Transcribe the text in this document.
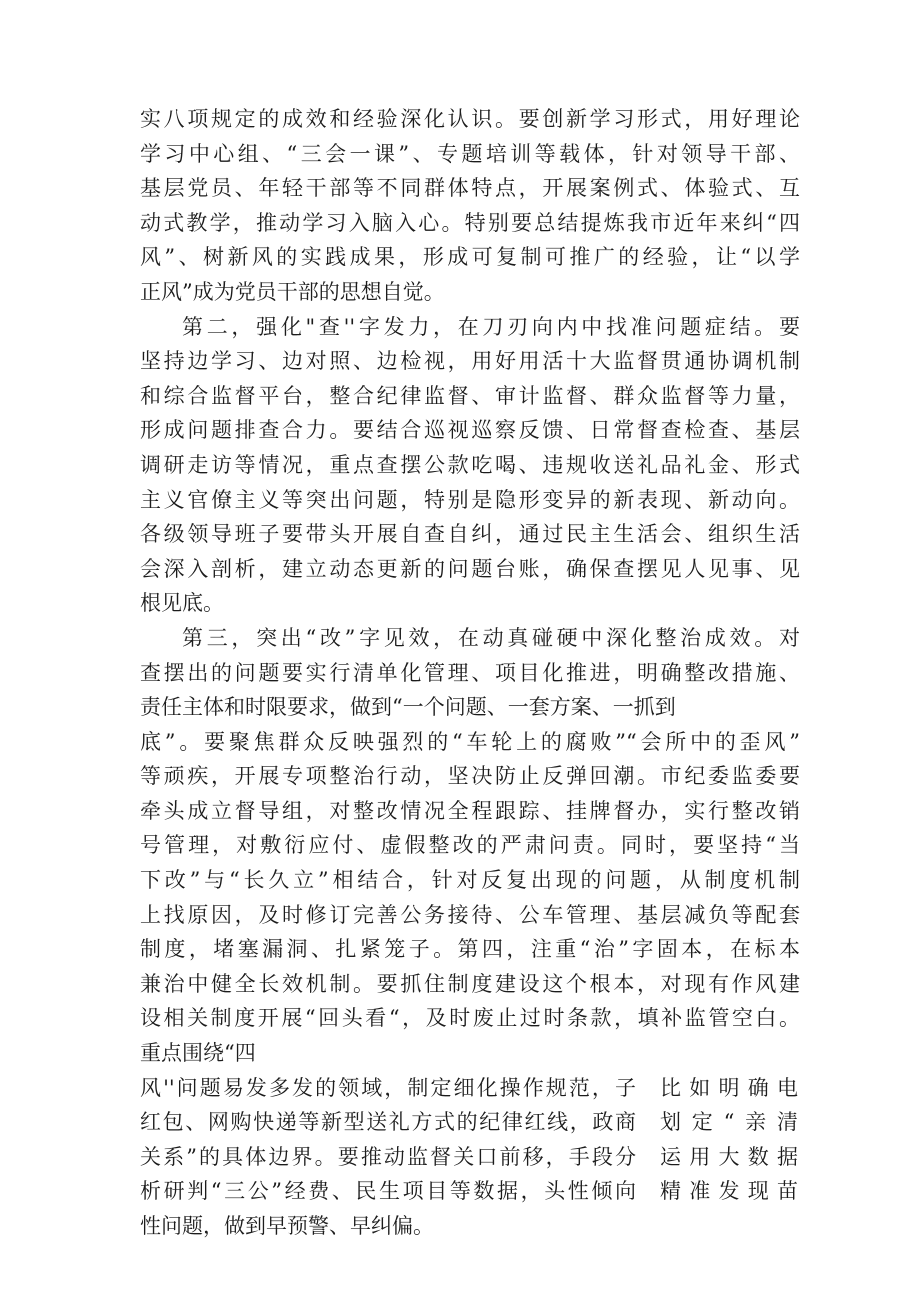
实八项规定的成效和经验深化认识。要创新学习形式，用好理论
学习中心组、“三会一课”、专题培训等载体，针对领导干部、
基层党员、年轻干部等不同群体特点，开展案例式、体验式、互
动式教学，推动学习入脑入心。特别要总结提炼我市近年来纠“四
风”、树新风的实践成果，形成可复制可推广的经验，让“以学
正风”成为党员干部的思想自觉。
第二，强化"查''字发力，在刀刃向内中找准问题症结。要
坚持边学习、边对照、边检视，用好用活十大监督贯通协调机制
和综合监督平台，整合纪律监督、审计监督、群众监督等力量，
形成问题排查合力。要结合巡视巡察反馈、日常督查检查、基层
调研走访等情况，重点查摆公款吃喝、违规收送礼品礼金、形式
主义官僚主义等突出问题，特别是隐形变异的新表现、新动向。
各级领导班子要带头开展自查自纠，通过民主生活会、组织生活
会深入剖析，建立动态更新的问题台账，确保查摆见人见事、见
根见底。
第三，突出“改”字见效，在动真碰硬中深化整治成效。对
查摆出的问题要实行清单化管理、项目化推进，明确整改措施、
责任主体和时限要求，做到“一个问题、一套方案、一抓到
底”。要聚焦群众反映强烈的“车轮上的腐败”“会所中的歪风”
等顽疾，开展专项整治行动，坚决防止反弹回潮。市纪委监委要
牵头成立督导组，对整改情况全程跟踪、挂牌督办，实行整改销
号管理，对敷衍应付、虚假整改的严肃问责。同时，要坚持“当
下改”与“长久立”相结合，针对反复出现的问题，从制度机制
上找原因，及时修订完善公务接待、公车管理、基层减负等配套
制度，堵塞漏洞、扎紧笼子。第四，注重“治”字固本，在标本
兼治中健全长效机制。要抓住制度建设这个根本，对现有作风建
设相关制度开展“回头看“，及时废止过时条款，填补监管空白。
重点围绕“四
风''问题易发多发的领域，制定细化操作规范，子 比如明确电
红包、网购快递等新型送礼方式的纪律红线，政商 划定“亲清
关系”的具体边界。要推动监督关口前移，手段分 运用大数据
析研判“三公”经费、民生项目等数据，头性倾向 精准发现苗
性问题，做到早预警、早纠偏。
